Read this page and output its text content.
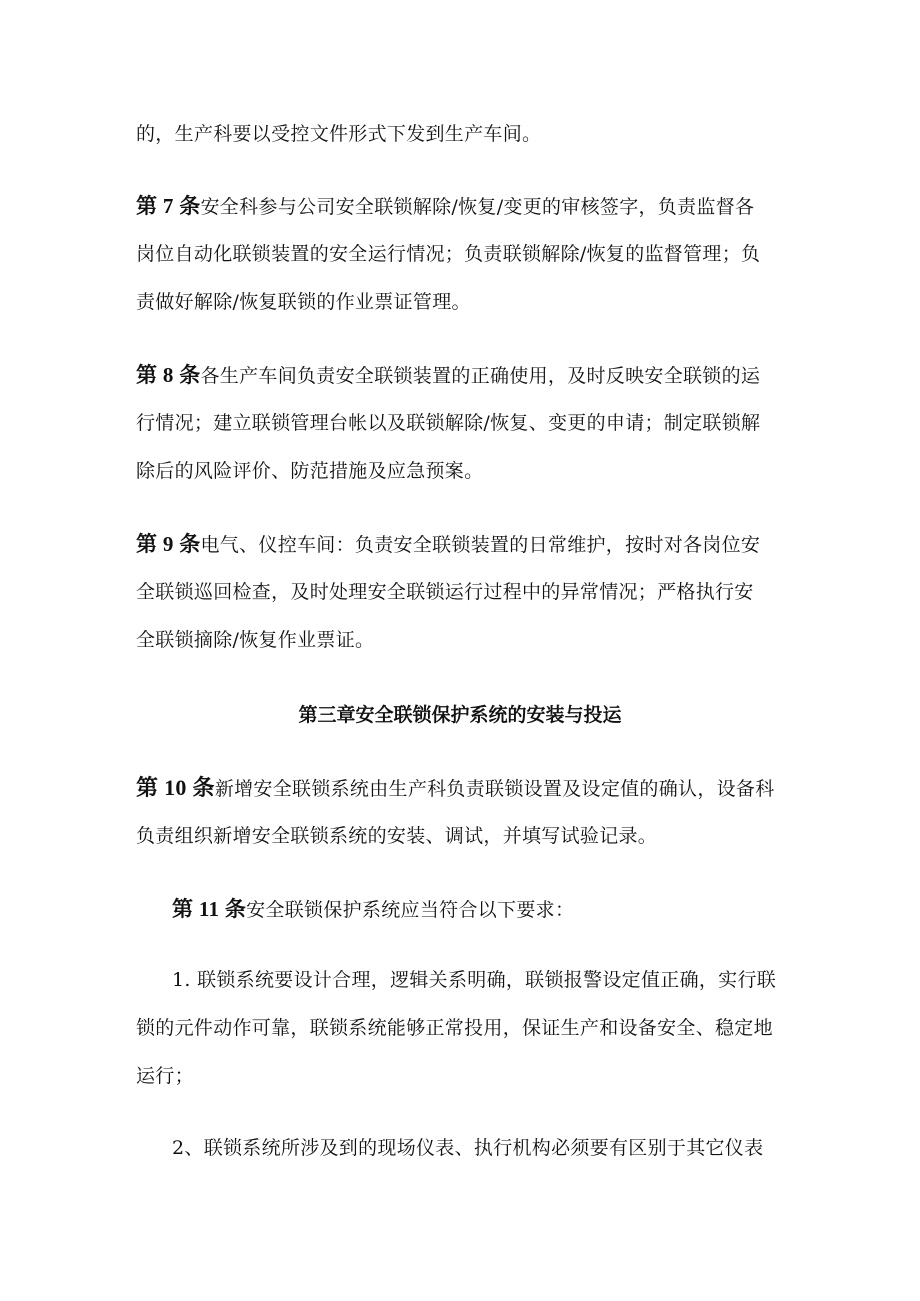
的，生产科要以受控文件形式下发到生产车间。

第 7 条安全科参与公司安全联锁解除/恢复/变更的审核签字，负责监督各
岗位自动化联锁装置的安全运行情况；负责联锁解除/恢复的监督管理；负
责做好解除/恢复联锁的作业票证管理。

第 8 条各生产车间负责安全联锁装置的正确使用，及时反映安全联锁的运
行情况；建立联锁管理台帐以及联锁解除/恢复、变更的申请；制定联锁解
除后的风险评价、防范措施及应急预案。

第 9 条电气、仪控车间：负责安全联锁装置的日常维护，按时对各岗位安
全联锁巡回检查，及时处理安全联锁运行过程中的异常情况；严格执行安
全联锁摘除/恢复作业票证。

第三章安全联锁保护系统的安装与投运

第 10 条新增安全联锁系统由生产科负责联锁设置及设定值的确认，设备科
负责组织新增安全联锁系统的安装、调试，并填写试验记录。

第 11 条安全联锁保护系统应当符合以下要求：

1. 联锁系统要设计合理，逻辑关系明确，联锁报警设定值正确，实行联
锁的元件动作可靠，联锁系统能够正常投用，保证生产和设备安全、稳定地
运行；

2、联锁系统所涉及到的现场仪表、执行机构必须要有区别于其它仪表
